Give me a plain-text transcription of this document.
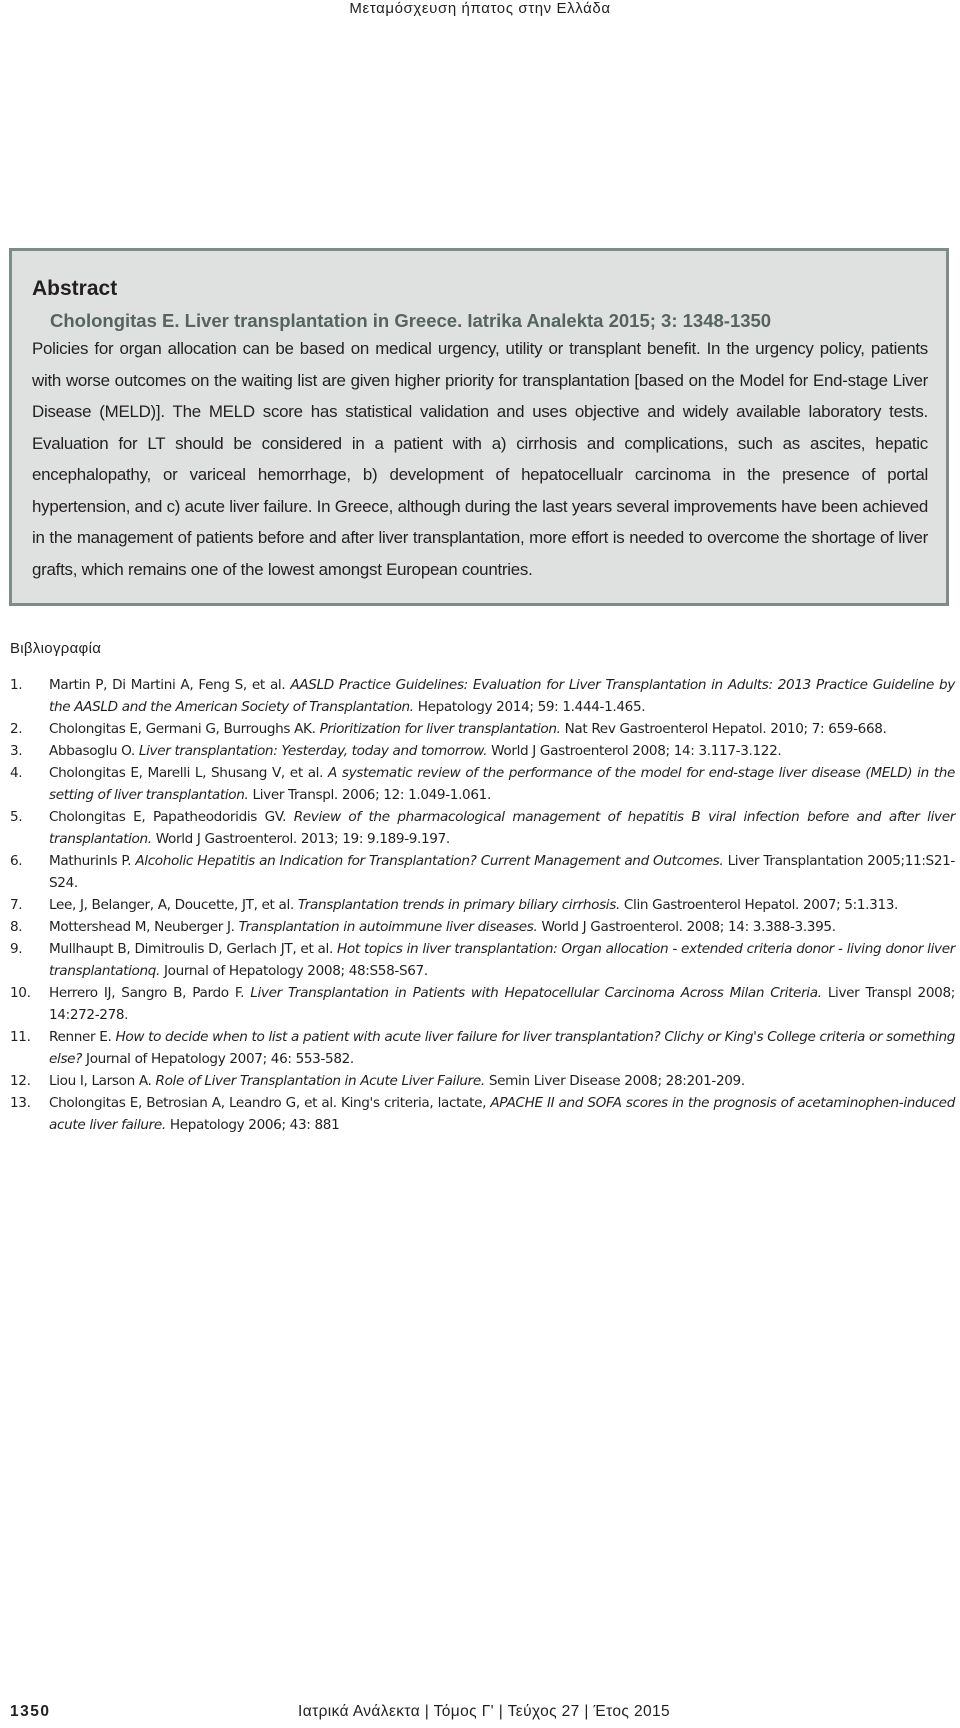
Μεταμόσχευση ήπατος στην Ελλάδα
Abstract
Cholongitas E. Liver transplantation in Greece. Iatrika Analekta 2015; 3: 1348-1350

Policies for organ allocation can be based on medical urgency, utility or transplant benefit. In the urgency policy, patients with worse outcomes on the waiting list are given higher priority for transplantation [based on the Model for End-stage Liver Disease (MELD)]. The MELD score has statistical validation and uses objective and widely available laboratory tests. Evaluation for LT should be considered in a patient with a) cirrhosis and complications, such as ascites, hepatic encephalopathy, or variceal hemorrhage, b) development of hepatocellualr carcinoma in the presence of portal hypertension, and c) acute liver failure. In Greece, although during the last years several improvements have been achieved in the management of patients before and after liver transplantation, more effort is needed to overcome the shortage of liver grafts, which remains one of the lowest amongst European countries.

Βιβλιογραφία
1.	Martin P, Di Martini A, Feng S, et al. AASLD Practice Guidelines: Evaluation for Liver Transplantation in Adults: 2013 Practice Guideline by the AASLD and the American Society of Transplantation. Hepatology 2014; 59: 1.444-1.465.
2.	Cholongitas E, Germani G, Burroughs AK. Prioritization for liver transplantation. Nat Rev Gastroenterol Hepatol. 2010; 7: 659-668.
3.	Abbasoglu O. Liver transplantation: Yesterday, today and tomorrow. World J Gastroenterol 2008; 14: 3.117-3.122.
4.	Cholongitas E, Marelli L, Shusang V, et al. A systematic review of the performance of the model for end-stage liver disease (MELD) in the setting of liver transplantation. Liver Transpl. 2006; 12: 1.049-1.061.
5.	Cholongitas E, Papatheodoridis GV. Review of the pharmacological management of hepatitis B viral infection before and after liver transplantation. World J Gastroenterol. 2013; 19: 9.189-9.197.
6.	MathurinIs P. Alcoholic Hepatitis an Indication for Transplantation? Current Management and Outcomes. Liver Transplantation 2005;11:S21-S24.
7.	Lee, J, Belanger, A, Doucette, JT, et al. Transplantation trends in primary biliary cirrhosis. Clin Gastroenterol Hepatol. 2007; 5:1.313.
8.	Mottershead M, Neuberger J. Transplantation in autoimmune liver diseases. World J Gastroenterol. 2008; 14: 3.388-3.395.
9.	Mullhaupt B, Dimitroulis D, Gerlach JT, et al. Hot topics in liver transplantation: Organ allocation - extended criteria donor - living donor liver transplantationq. Journal of Hepatology 2008; 48:S58-S67.
10.	Herrero IJ, Sangro B, Pardo F. Liver Transplantation in Patients with Hepatocellular Carcinoma Across Milan Criteria. Liver Transpl 2008; 14:272-278.
11.	Renner E. How to decide when to list a patient with acute liver failure for liver transplantation? Clichy or King's College criteria or something else? Journal of Hepatology 2007; 46: 553-582.
12.	Liou I, Larson A. Role of Liver Transplantation in Acute Liver Failure. Semin Liver Disease 2008; 28:201-209.
13.	Cholongitas E, Betrosian A, Leandro G, et al. King's criteria, lactate, APACHE II and SOFA scores in the prognosis of acetaminophen-induced acute liver failure. Hepatology 2006; 43: 881
1350	Ιατρικά Ανάλεκτα | Τόμος Γ' | Τεύχος 27 | Έτος 2015
